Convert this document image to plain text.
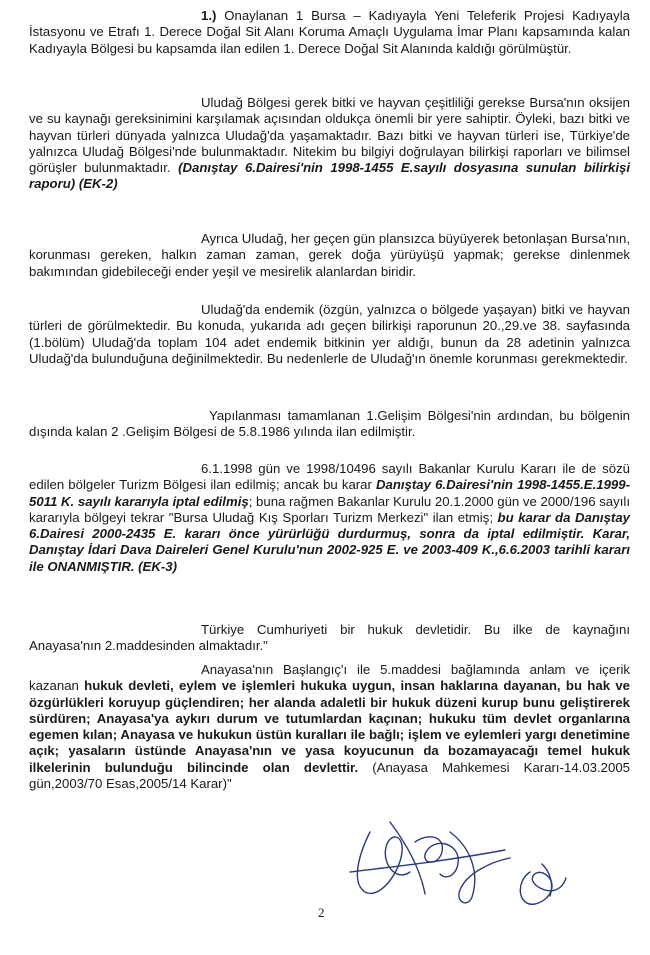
1.) Onaylanan 1 Bursa – Kadıyayla Yeni Teleferik Projesi Kadıyayla İstasyonu ve Etrafı 1. Derece Doğal Sit Alanı Koruma Amaçlı Uygulama İmar Planı kapsamında kalan Kadıyayla Bölgesi bu kapsamda ilan edilen 1. Derece Doğal Sit Alanında kaldığı görülmüştür.

Uludağ Bölgesi gerek bitki ve hayvan çeşitliliği gerekse Bursa'nın oksijen ve su kaynağı gereksinimini karşılamak açısından oldukça önemli bir yere sahiptir. Öyleki, bazı bitki ve hayvan türleri dünyada yalnızca Uludağ'da yaşamaktadır. Bazı bitki ve hayvan türleri ise, Türkiye'de yalnızca Uludağ Bölgesi'nde bulunmaktadır. Nitekim bu bilgiyi doğrulayan bilirkişi raporları ve bilimsel görüşler bulunmaktadır. (Danıştay 6.Dairesi'nin 1998-1455 E.sayılı dosyasına sunulan bilirkişi raporu) (EK-2)

Ayrıca Uludağ, her geçen gün plansızca büyüyerek betonlaşan Bursa'nın, korunması gereken, halkın zaman zaman, gerek doğa yürüyüşü yapmak; gerekse dinlenmek bakımından gidebileceği ender yeşil ve mesirelik alanlardan biridir.

Uludağ'da endemik (özgün, yalnızca o bölgede yaşayan) bitki ve hayvan türleri de görülmektedir. Bu konuda, yukarıda adı geçen bilirkişi raporunun 20.,29.ve 38. sayfasında (1.bölüm) Uludağ'da toplam 104 adet endemik bitkinin yer aldığı, bunun da 28 adetinin yalnızca Uludağ'da bulunduğuna değinilmektedir. Bu nedenlerle de Uludağ'ın önemle korunması gerekmektedir.

Yapılanması tamamlanan 1.Gelişim Bölgesi'nin ardından, bu bölgenin dışında kalan 2 .Gelişim Bölgesi de 5.8.1986 yılında ilan edilmiştir.

6.1.1998 gün ve 1998/10496 sayılı Bakanlar Kurulu Kararı ile de sözü edilen bölgeler Turizm Bölgesi ilan edilmiş; ancak bu karar Danıştay 6.Dairesi'nin 1998-1455.E.1999-5011 K. sayılı kararıyla iptal edilmiş; buna rağmen Bakanlar Kurulu 20.1.2000 gün ve 2000/196 sayılı kararıyla bölgeyi tekrar "Bursa Uludağ Kış Sporları Turizm Merkezi" ilan etmiş; bu karar da Danıştay 6.Dairesi 2000-2435 E. kararı önce yürürlüğü durdurmuş, sonra da iptal edilmiştir. Karar, Danıştay İdari Dava Daireleri Genel Kurulu'nun 2002-925 E. ve 2003-409 K.,6.6.2003 tarihli kararı ile ONANMIŞTIR. (EK-3)

Türkiye Cumhuriyeti bir hukuk devletidir. Bu ilke de kaynağını Anayasa'nın 2.maddesinden almaktadır."

Anayasa'nın Başlangıç'ı ile 5.maddesi bağlamında anlam ve içerik kazanan hukuk devleti, eylem ve işlemleri hukuka uygun, insan haklarına dayanan, bu hak ve özgürlükleri koruyup güçlendiren; her alanda adaletli bir hukuk düzeni kurup bunu geliştirerek sürdüren; Anayasa'ya aykırı durum ve tutumlardan kaçınan; hukuku tüm devlet organlarına egemen kılan; Anayasa ve hukukun üstün kuralları ile bağlı; işlem ve eylemleri yargı denetimine açık; yasaların üstünde Anayasa'nın ve yasa koyucunun da bozamayacağı temel hukuk ilkelerinin bulunduğu bilincinde olan devlettir. (Anayasa Mahkemesi Kararı-14.03.2005 gün,2003/70 Esas,2005/14 Karar)"

2
